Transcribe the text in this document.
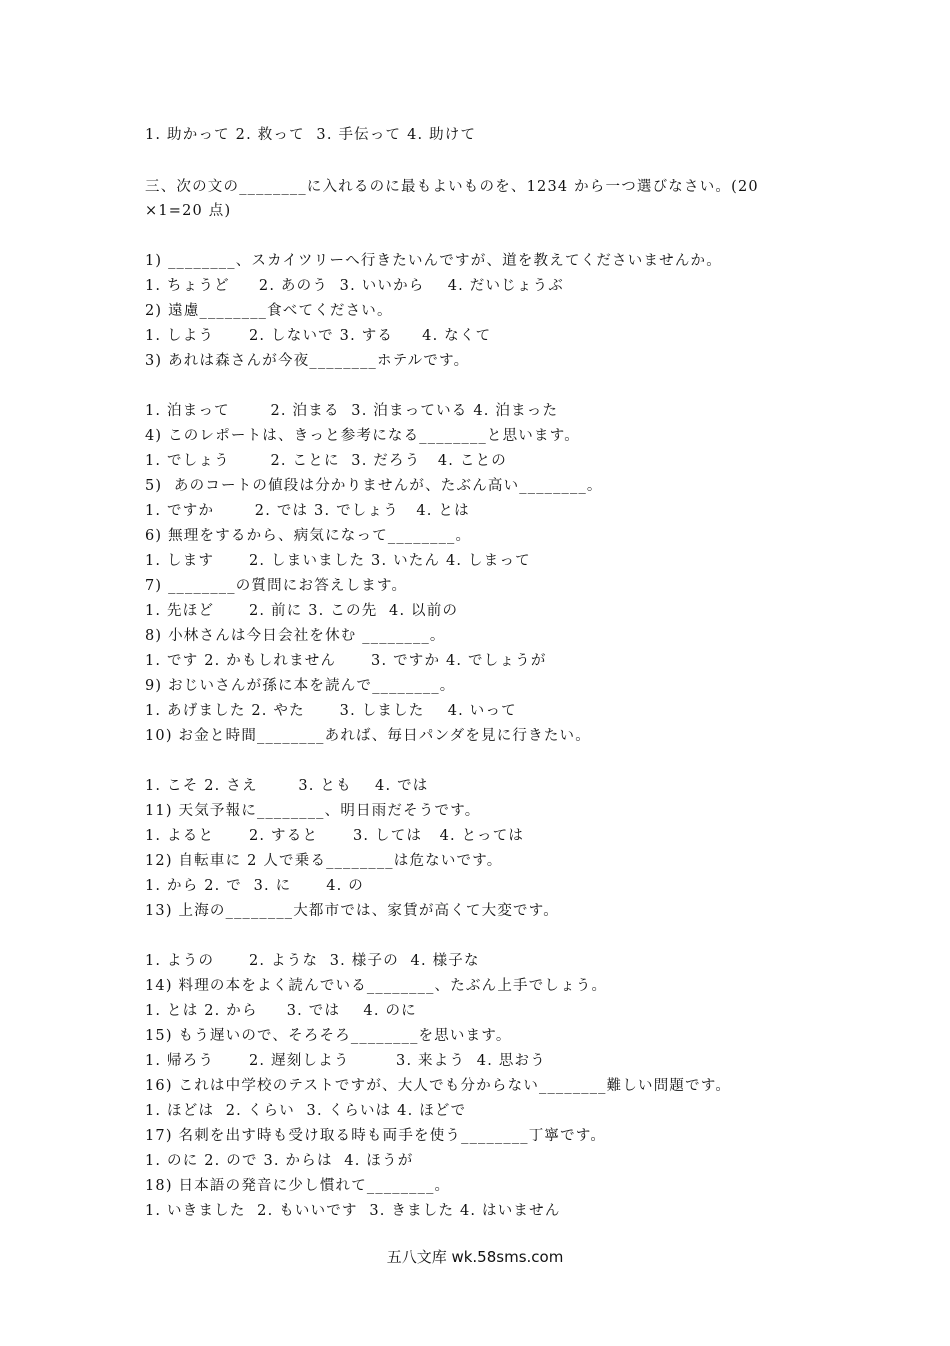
1. 助かって 2. 救って  3. 手伝って 4. 助けて
三、次の文の________に入れるのに最もよいものを、1234 から一つ選びなさい。(20
×1=20 点)
1) ________、スカイツリーへ行きたいんですが、道を教えてくださいませんか。
1. ちょうど     2. あのう  3. いいから    4. だいじょうぶ
2) 遠慮________食べてください。
1. しよう      2. しないで 3. する     4. なくて
3) あれは森さんが今夜________ホテルです。
1. 泊まって       2. 泊まる  3. 泊まっている 4. 泊まった
4) このレポートは、きっと参考になる________と思います。
1. でしょう       2. ことに  3. だろう   4. ことの
5)  あのコートの値段は分かりませんが、たぶん高い________。
1. ですか       2. では 3. でしょう   4. とは
6) 無理をするから、病気になって________。
1. します      2. しまいました 3. いたん 4. しまって
7) ________の質問にお答えします。
1. 先ほど      2. 前に 3. この先  4. 以前の
8) 小林さんは今日会社を休む ________。
1. です 2. かもしれません      3. ですか 4. でしょうが
9) おじいさんが孫に本を読んで________。
1. あげました 2. やた      3. しました    4. いって
10) お金と時間________あれば、毎日パンダを見に行きたい。
1. こそ 2. さえ       3. とも    4. では
11) 天気予報に________、明日雨だそうです。
1. よると      2. すると      3. しては   4. とっては
12) 自転車に 2 人で乗る________は危ないです。
1. から 2. で  3. に      4. の
13) 上海の________大都市では、家賃が高くて大変です。
1. ようの      2. ような  3. 様子の  4. 様子な
14) 料理の本をよく読んでいる________、たぶん上手でしょう。
1. とは 2. から     3. では    4. のに
15) もう遅いので、そろそろ________を思います。
1. 帰ろう      2. 遅刻しよう        3. 来よう  4. 思おう
16) これは中学校のテストですが、大人でも分からない________難しい問題です。
1. ほどは  2. くらい  3. くらいは 4. ほどで
17) 名刺を出す時も受け取る時も両手を使う________丁寧です。
1. のに 2. ので 3. からは  4. ほうが
18) 日本語の発音に少し慣れて________。
1. いきました  2. もいいです  3. きました 4. はいません
五八文库 wk.58sms.com
